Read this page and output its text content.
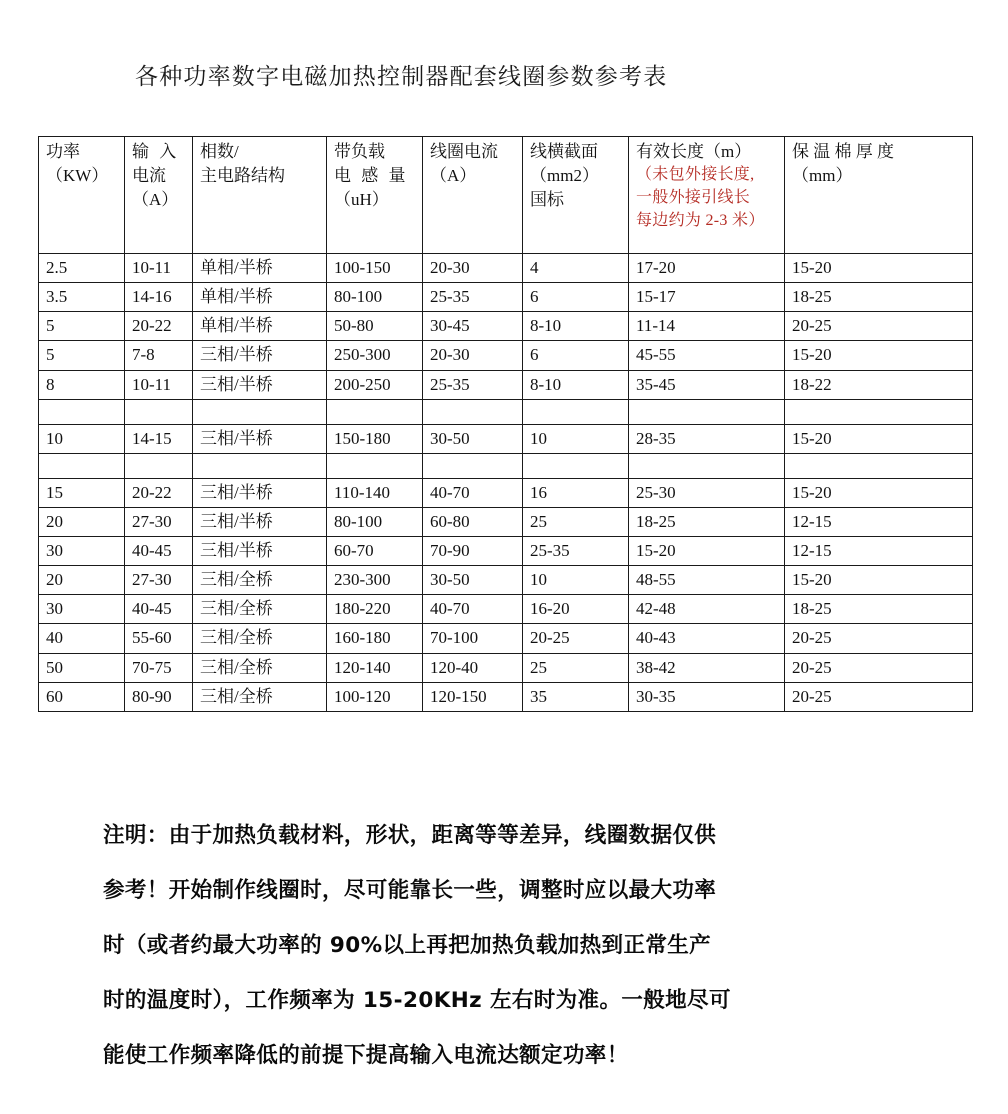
各种功率数字电磁加热控制器配套线圈参数参考表
功率
（KW）	输 入
电流
（A）	相数/
主电路结构	带负载
电 感 量
（uH）	线圈电流
（A）	线横截面
（mm2）
国标	有效长度（m）
（未包外接长度,
一般外接引线长
每边约为 2-3 米）	保 温 棉 厚 度
（mm）

2.5	10-11	单相/半桥	100-150	20-30	4	17-20	15-20
3.5	14-16	单相/半桥	80-100	25-35	6	15-17	18-25
5	20-22	单相/半桥	50-80	30-45	8-10	11-14	20-25
5	7-8	三相/半桥	250-300	20-30	6	45-55	15-20
8	10-11	三相/半桥	200-250	25-35	8-10	35-45	18-22

10	14-15	三相/半桥	150-180	30-50	10	28-35	15-20

15	20-22	三相/半桥	110-140	40-70	16	25-30	15-20
20	27-30	三相/半桥	80-100	60-80	25	18-25	12-15
30	40-45	三相/半桥	60-70	70-90	25-35	15-20	12-15
20	27-30	三相/全桥	230-300	30-50	10	48-55	15-20
30	40-45	三相/全桥	180-220	40-70	16-20	42-48	18-25
40	55-60	三相/全桥	160-180	70-100	20-25	40-43	20-25
50	70-75	三相/全桥	120-140	120-40	25	38-42	20-25
60	80-90	三相/全桥	100-120	120-150	35	30-35	20-25
注明：由于加热负载材料，形状，距离等等差异，线圈数据仅供
参考！开始制作线圈时，尽可能靠长一些，调整时应以最大功率
时（或者约最大功率的 90%以上再把加热负载加热到正常生产
时的温度时），工作频率为 15-20KHz 左右时为准。一般地尽可
能使工作频率降低的前提下提高输入电流达额定功率！
